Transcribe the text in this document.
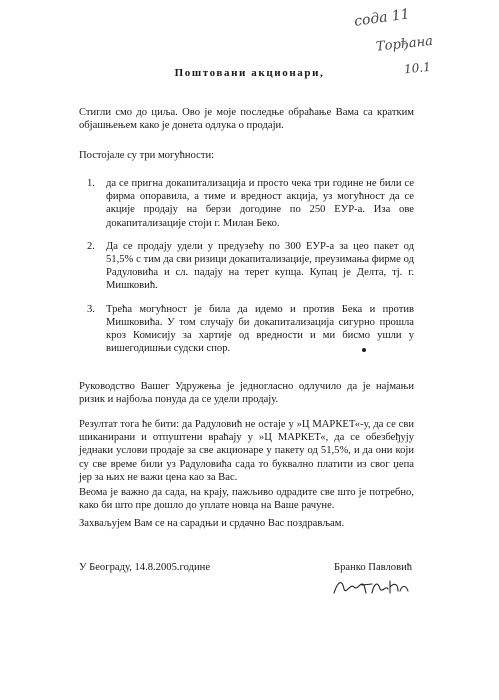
сода 11
Торђана
10.1
Поштовани акционари,

Стигли смо до циља. Ово је моје последње обраћање Вама са кратким објашњењем како је донета одлука о продаји.

Постојале су три могућности:

1. да се пригна докапитализација и просто чека три године не били се фирма опоравила, а тиме и вредност акција, уз могућност да се акције продају на берзи догодине по 250 ЕУР-а. Иза ове докапитализације стоји г. Милан Беко.
2. Да се продају удели у предузећу по 300 ЕУР-а за цео пакет од 51,5% с тим да сви ризици докапитализације, преузимања фирме од Радуловића и сл. падају на терет купца. Купац је Делта, тј. г. Мишковић.
3. Трећа могућност је била да идемо и против Бека и против Мишковића. У том случају би докапитализација сигурно прошла кроз Комисију за хартије од вредности и ми бисмо ушли у вишегодишњи судски спор.

Руководство Вашег Удружења је једногласно одлучило да је најмањи ризик и најбоља понуда да се удели продају.

Резултат тога ће бити: да Радуловић не остаје у »Ц МАРКЕТ«-у, да се сви шиканирани и отпуштени враћају у »Ц МАРКЕТ«, да се обезбеђују једнаки услови продаје за све акционаре у пакету од 51,5%, и да они који су све време били уз Радуловића сада то буквално платити из свог џепа јер за њих не важи цена као за Вас.

Веома је важно да сада, на крају, пажљиво одрадите све што је потребно, како би што пре дошло до уплате новца на Ваше рачуне.

Захваљујем Вам се на сарадњи и срдачно Вас поздрављам.

У Београду, 14.8.2005.године	Бранко Павловић
